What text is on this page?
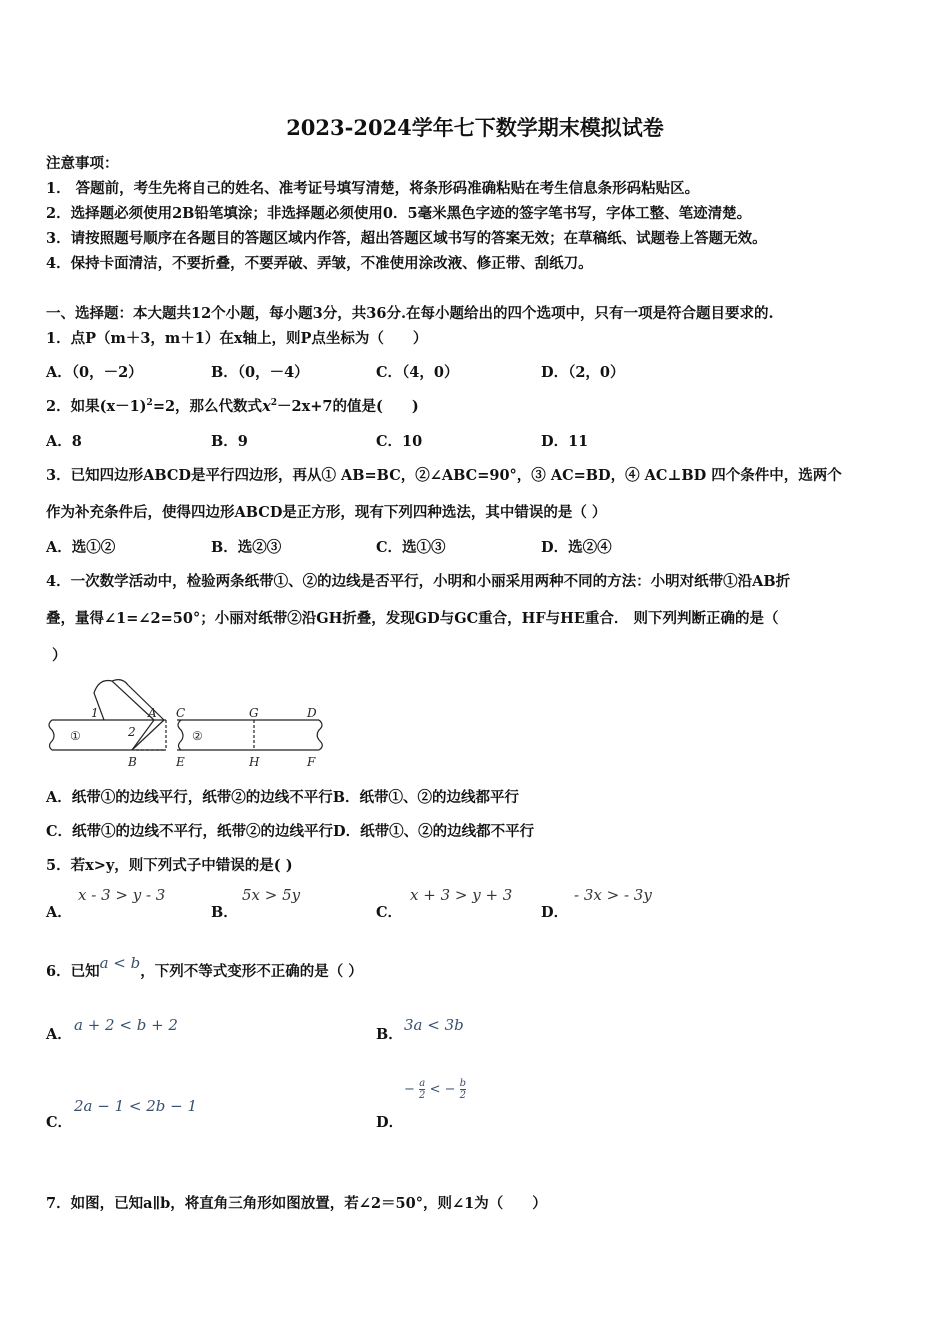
2023-2024学年七下数学期末模拟试卷
注意事项：
1． 答题前，考生先将自己的姓名、准考证号填写清楚，将条形码准确粘贴在考生信息条形码粘贴区。
2．选择题必须使用2B铅笔填涂；非选择题必须使用0．5毫米黑色字迹的签字笔书写，字体工整、笔迹清楚。
3．请按照题号顺序在各题目的答题区域内作答，超出答题区域书写的答案无效；在草稿纸、试题卷上答题无效。
4．保持卡面清洁，不要折叠，不要弄破、弄皱，不准使用涂改液、修正带、刮纸刀。
一、选择题：本大题共12个小题，每小题3分，共36分.在每小题给出的四个选项中，只有一项是符合题目要求的.
1．点P（m＋3，m＋1）在x轴上，则P点坐标为（　　）
A．（0，－2）	B．（0，－4）	C．（4，0）	D．（2，0）
2．如果$(x-1)^2=2$，那么代数式$x^2-2x+7$的值是(　　)
A．8	B．9	C．10	D．11
3．已知四边形ABCD是平行四边形，再从① AB=BC，②∠ABC=90°，③ AC=BD，④ AC⊥BD 四个条件中，选两个
作为补充条件后，使得四边形ABCD是正方形，现有下列四种选法，其中错误的是（ ）
A．选①②	B．选②③	C．选①③	D．选②④
4．一次数学活动中，检验两条纸带①、②的边线是否平行，小明和小丽采用两种不同的方法：小明对纸带①沿AB折
叠，量得∠1=∠2=50°；小丽对纸带②沿GH折叠，发现GD与GC重合，HF与HE重合． 则下列判断正确的是（
）
1	A
2
B
①
C	G	D
②
E	H	F
A．纸带①的边线平行，纸带②的边线不平行B．纸带①、②的边线都平行
C．纸带①的边线不平行，纸带②的边线平行D．纸带①、②的边线都不平行
5．若x>y，则下列式子中错误的是( )
A．
x - 3 > y - 3
B．
5x > 5y
C．
x + 3 > y + 3
D．
- 3x > - 3y
6．已知a < b，下列不等式变形不正确的是（ ）
A．
a + 2 < b + 2
B．
3a < 3b
C．
2a − 1 < 2b − 1
D．
− $\frac{a}{2}$ < − $\frac{b}{2}$
7．如图，已知a∥b，将直角三角形如图放置，若∠2＝50°，则∠1为（　　）
